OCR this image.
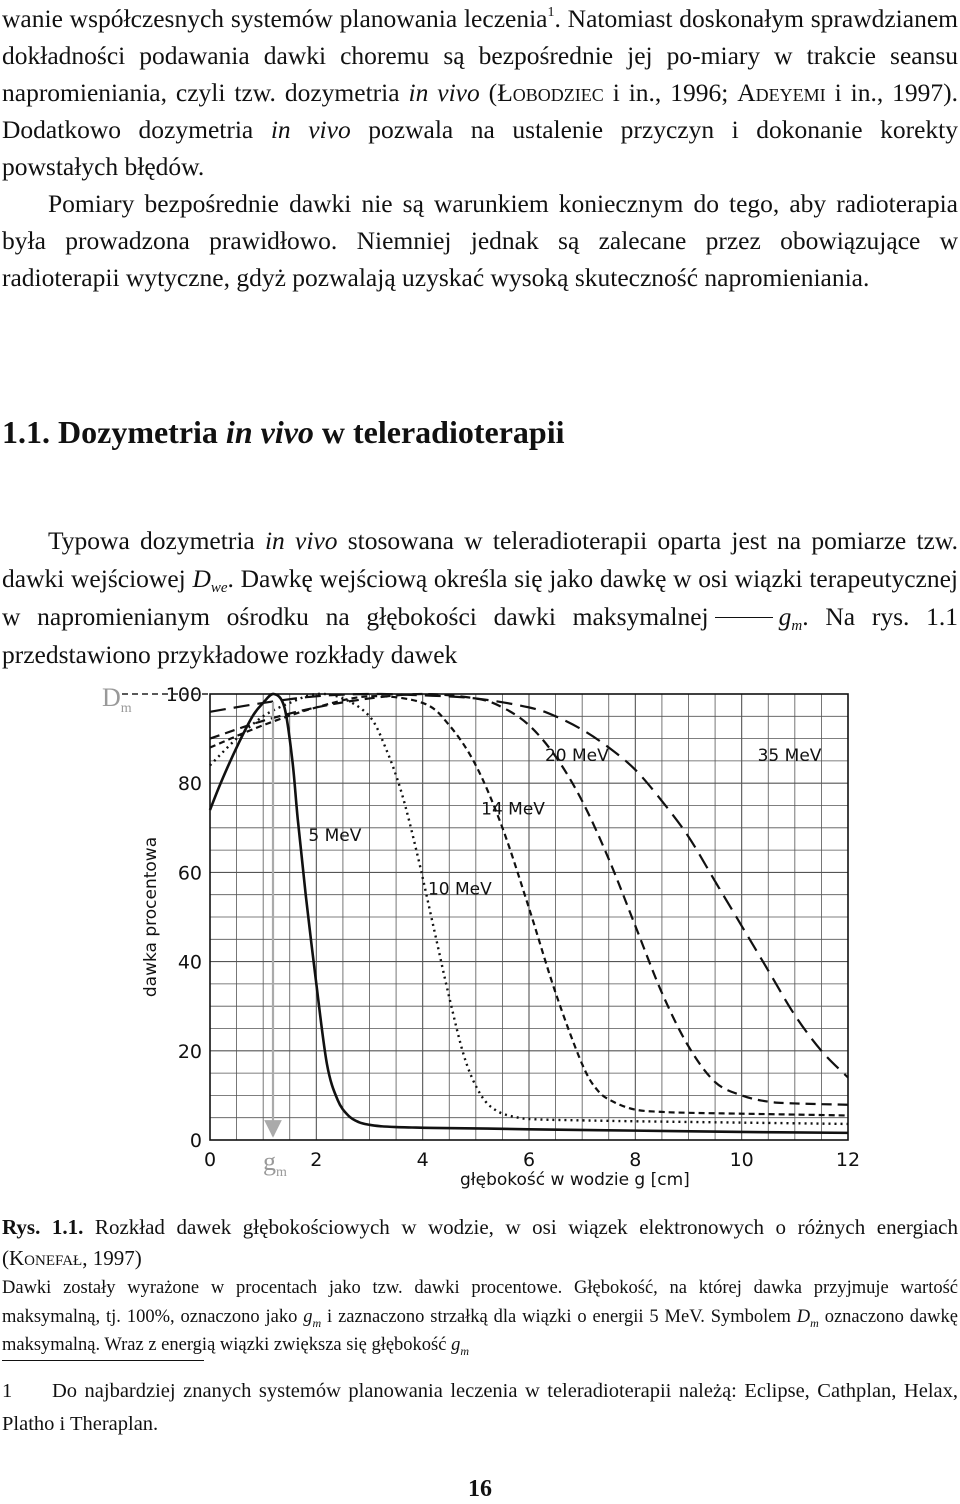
wanie współczesnych systemów planowania leczenia$^1$. Natomiast doskonałym sprawdzianem dokładności podawania dawki choremu są bezpośrednie jej po-miary w trakcie seansu napromieniania, czyli tzw. dozymetria in vivo (Łobodziec i in., 1996; Adeyemi i in., 1997). Dodatkowo dozymetria in vivo pozwala na ustalenie przyczyn i dokonanie korekty powstałych błędów.

Pomiary bezpośrednie dawki nie są warunkiem koniecznym do tego, aby radioterapia była prowadzona prawidłowo. Niemniej jednak są zalecane przez obowiązujące w radioterapii wytyczne, gdyż pozwalają uzyskać wysoką skuteczność napromieniania.

1.1. Dozymetria in vivo w teleradioterapii

Typowa dozymetria in vivo stosowana w teleradioterapii oparta jest na pomiarze tzw. dawki wejściowej $D_{we}$. Dawkę wejściową określa się jako dawkę w osi wiązki terapeutycznej w napromienianym ośrodku na głębokości dawki maksymalnej	$g_m$. Na rys. 1.1 przedstawiono przykładowe rozkłady dawek

0
20
40
60
80
100
0	2	4	6	8	10	12
$D_m$
$g_m$	głębokość w wodzie g [cm]
dawka procentowa
5 MeV
10 MeV
14 MeV
20 MeV	35 MeV

Rys. 1.1. Rozkład dawek głębokościowych w wodzie, w osi wiązek elektronowych o różnych energiach (Konefał, 1997)

Dawki zostały wyrażone w procentach jako tzw. dawki procentowe. Głębokość, na której dawka przyjmuje wartość maksymalną, tj. 100%, oznaczono jako $g_m$ i zaznaczono strzałką dla wiązki o energii 5 MeV. Symbolem $D_m$ oznaczono dawkę maksymalną. Wraz z energią wiązki zwiększa się głębokość $g_m$

1 Do najbardziej znanych systemów planowania leczenia w teleradioterapii należą: Eclipse, Cathplan, Helax, Platho i Theraplan.

16
